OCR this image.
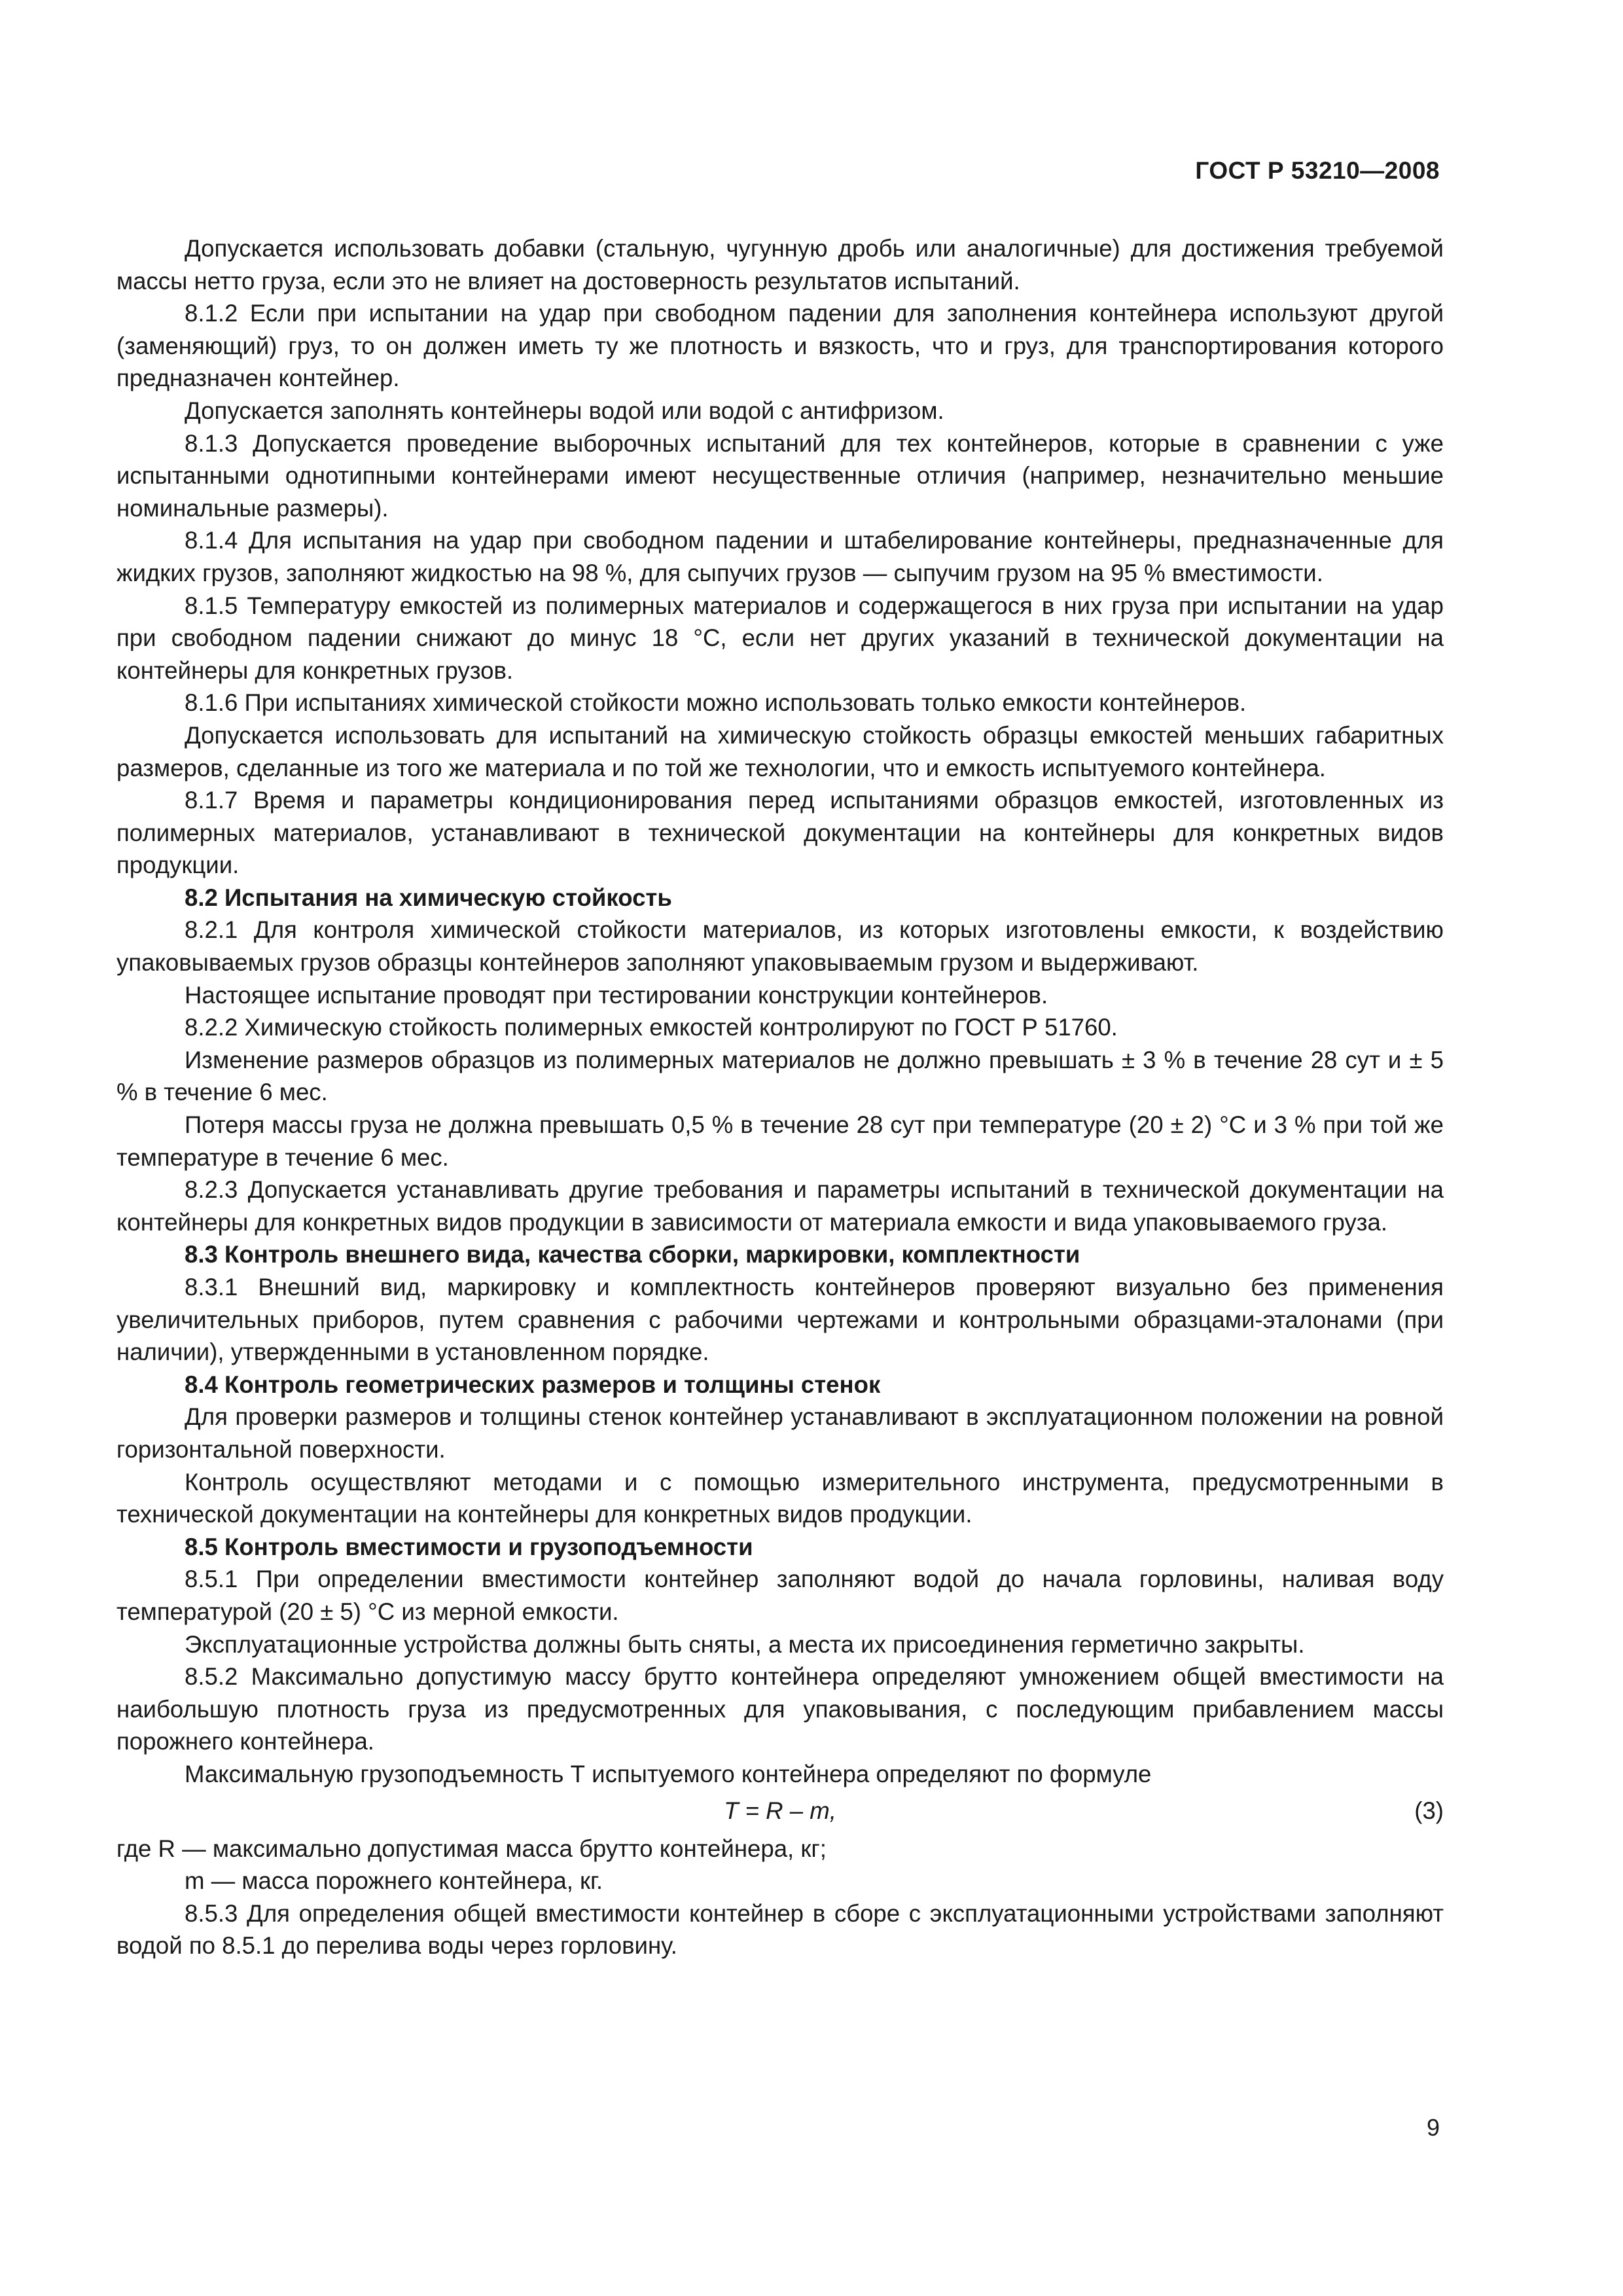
ГОСТ Р 53210—2008

Допускается использовать добавки (стальную, чугунную дробь или аналогичные) для достижения требуемой массы нетто груза, если это не влияет на достоверность результатов испытаний.

8.1.2 Если при испытании на удар при свободном падении для заполнения контейнера используют другой (заменяющий) груз, то он должен иметь ту же плотность и вязкость, что и груз, для транспортирования которого предназначен контейнер.

Допускается заполнять контейнеры водой или водой с антифризом.

8.1.3 Допускается проведение выборочных испытаний для тех контейнеров, которые в сравнении с уже испытанными однотипными контейнерами имеют несущественные отличия (например, незначительно меньшие номинальные размеры).

8.1.4 Для испытания на удар при свободном падении и штабелирование контейнеры, предназначенные для жидких грузов, заполняют жидкостью на 98 %, для сыпучих грузов — сыпучим грузом на 95 % вместимости.

8.1.5 Температуру емкостей из полимерных материалов и содержащегося в них груза при испытании на удар при свободном падении снижают до минус 18 °С, если нет других указаний в технической документации на контейнеры для конкретных грузов.

8.1.6 При испытаниях химической стойкости можно использовать только емкости контейнеров.

Допускается использовать для испытаний на химическую стойкость образцы емкостей меньших габаритных размеров, сделанные из того же материала и по той же технологии, что и емкость испытуемого контейнера.

8.1.7 Время и параметры кондиционирования перед испытаниями образцов емкостей, изготовленных из полимерных материалов, устанавливают в технической документации на контейнеры для конкретных видов продукции.

8.2 Испытания на химическую стойкость

8.2.1 Для контроля химической стойкости материалов, из которых изготовлены емкости, к воздействию упаковываемых грузов образцы контейнеров заполняют упаковываемым грузом и выдерживают.

Настоящее испытание проводят при тестировании конструкции контейнеров.

8.2.2 Химическую стойкость полимерных емкостей контролируют по ГОСТ Р 51760.

Изменение размеров образцов из полимерных материалов не должно превышать ± 3 % в течение 28 сут и ± 5 % в течение 6 мес.

Потеря массы груза не должна превышать 0,5 % в течение 28 сут при температуре (20 ± 2) °С и 3 % при той же температуре в течение 6 мес.

8.2.3 Допускается устанавливать другие требования и параметры испытаний в технической документации на контейнеры для конкретных видов продукции в зависимости от материала емкости и вида упаковываемого груза.

8.3 Контроль внешнего вида, качества сборки, маркировки, комплектности

8.3.1 Внешний вид, маркировку и комплектность контейнеров проверяют визуально без применения увеличительных приборов, путем сравнения с рабочими чертежами и контрольными образцами-эталонами (при наличии), утвержденными в установленном порядке.

8.4 Контроль геометрических размеров и толщины стенок

Для проверки размеров и толщины стенок контейнер устанавливают в эксплуатационном положении на ровной горизонтальной поверхности.

Контроль осуществляют методами и с помощью измерительного инструмента, предусмотренными в технической документации на контейнеры для конкретных видов продукции.

8.5 Контроль вместимости и грузоподъемности

8.5.1 При определении вместимости контейнер заполняют водой до начала горловины, наливая воду температурой (20 ± 5) °С из мерной емкости.

Эксплуатационные устройства должны быть сняты, а места их присоединения герметично закрыты.

8.5.2 Максимально допустимую массу брутто контейнера определяют умножением общей вместимости на наибольшую плотность груза из предусмотренных для упаковывания, с последующим прибавлением массы порожнего контейнера.

Максимальную грузоподъемность Т испытуемого контейнера определяют по формуле

T = R – m,	(3)

где R — максимально допустимая масса брутто контейнера, кг;

m — масса порожнего контейнера, кг.

8.5.3 Для определения общей вместимости контейнер в сборе с эксплуатационными устройствами заполняют водой по 8.5.1 до перелива воды через горловину.

9
